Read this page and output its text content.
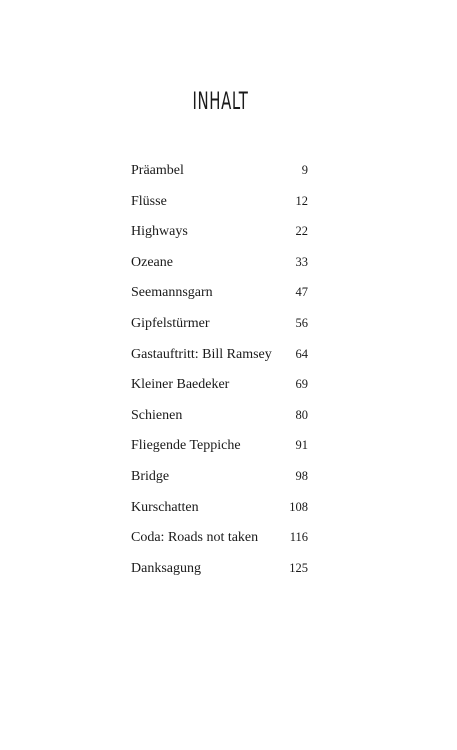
INHALT
Präambel	9
Flüsse	12
Highways	22
Ozeane	33
Seemannsgarn	47
Gipfelstürmer	56
Gastauftritt: Bill Ramsey 64
Kleiner Baedeker	69
Schienen	80
Fliegende Teppiche	91
Bridge	98
Kurschatten	108
Coda: Roads not taken	116
Danksagung	125
